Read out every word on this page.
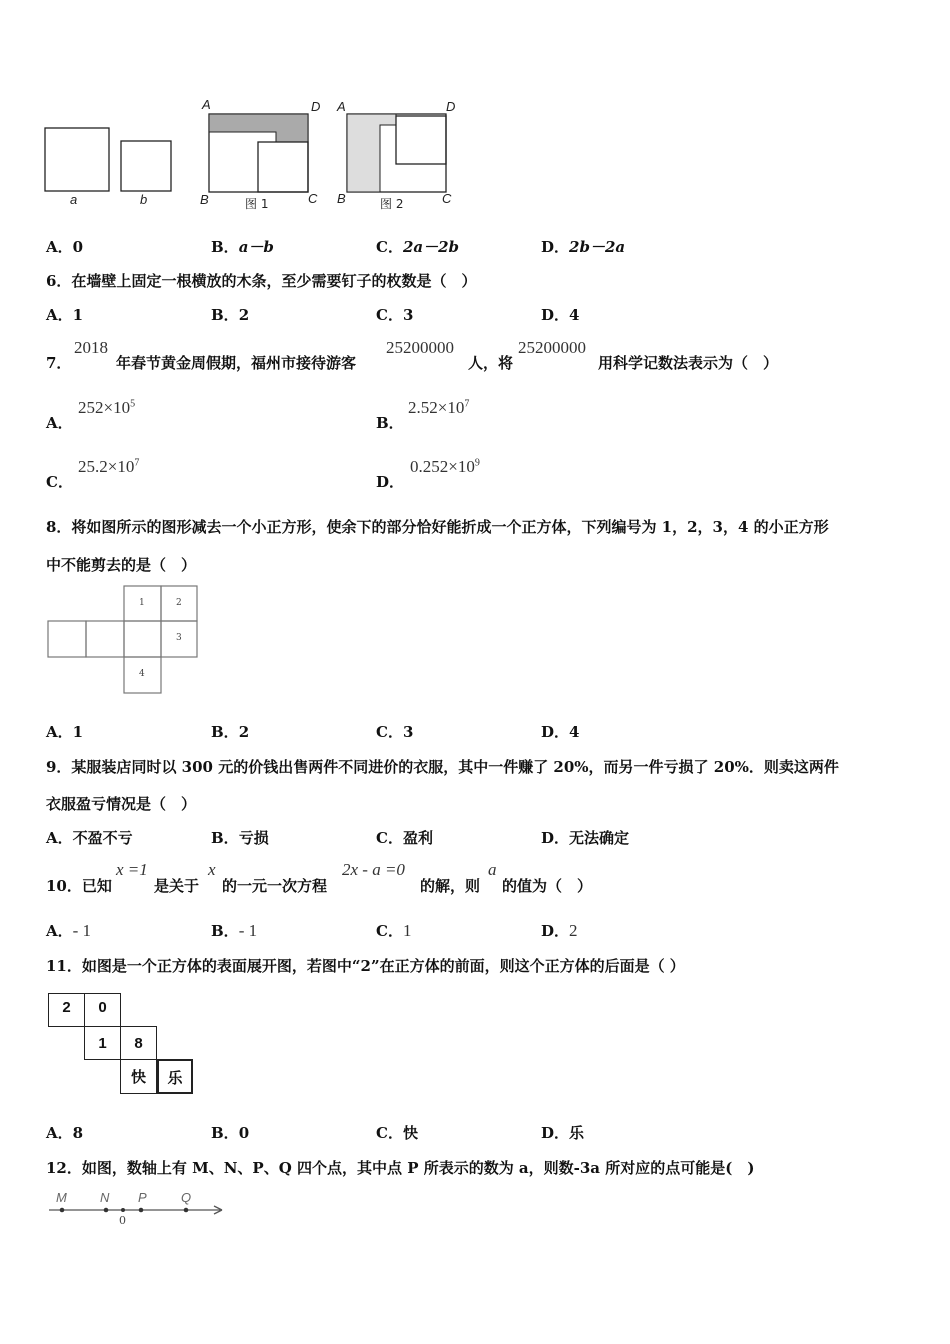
a	b
A	D
B	C
图 1
A	D
B	C
图 2
A．0	B．a－b	C．2a－2b	D．2b－2a
6．在墙壁上固定一根横放的木条，至少需要钉子的枚数是（　）
A．1	B．2	C．3	D．4
7．
2018
年春节黄金周假期，福州市接待游客
25200000
人，将
25200000
用科学记数法表示为（　）
A．
$252\times 10^5$
B．
$2.52\times 10^7$
C．
$25.2\times 10^7$
D．
$0.252\times 10^9$
8．将如图所示的图形减去一个小正方形，使余下的部分恰好能折成一个正方体，下列编号为 1，2，3，4 的小正方形
中不能剪去的是（　）
1	2
3
4
A．1	B．2	C．3	D．4
9．某服装店同时以 300 元的价钱出售两件不同进价的衣服，其中一件赚了 20%，而另一件亏损了 20%．则卖这两件
衣服盈亏情况是（　）
A．不盈不亏	B．亏损	C．盈利	D．无法确定
10．已知
x =1
是关于
x
的一元一次方程
2x - a =0
的解，则
a
的值为（　）
A．- 1	B．- 1	C．1	D．2
11．如图是一个正方体的表面展开图，若图中“2”在正方体的前面，则这个正方体的后面是（ ）
2	0
1	8
快	乐
A．8	B．0	C．快	D．乐
12．如图，数轴上有 M、N、P、Q 四个点，其中点 P 所表示的数为 a，则数-3a 所对应的点可能是(　)
M	N P	Q
0
